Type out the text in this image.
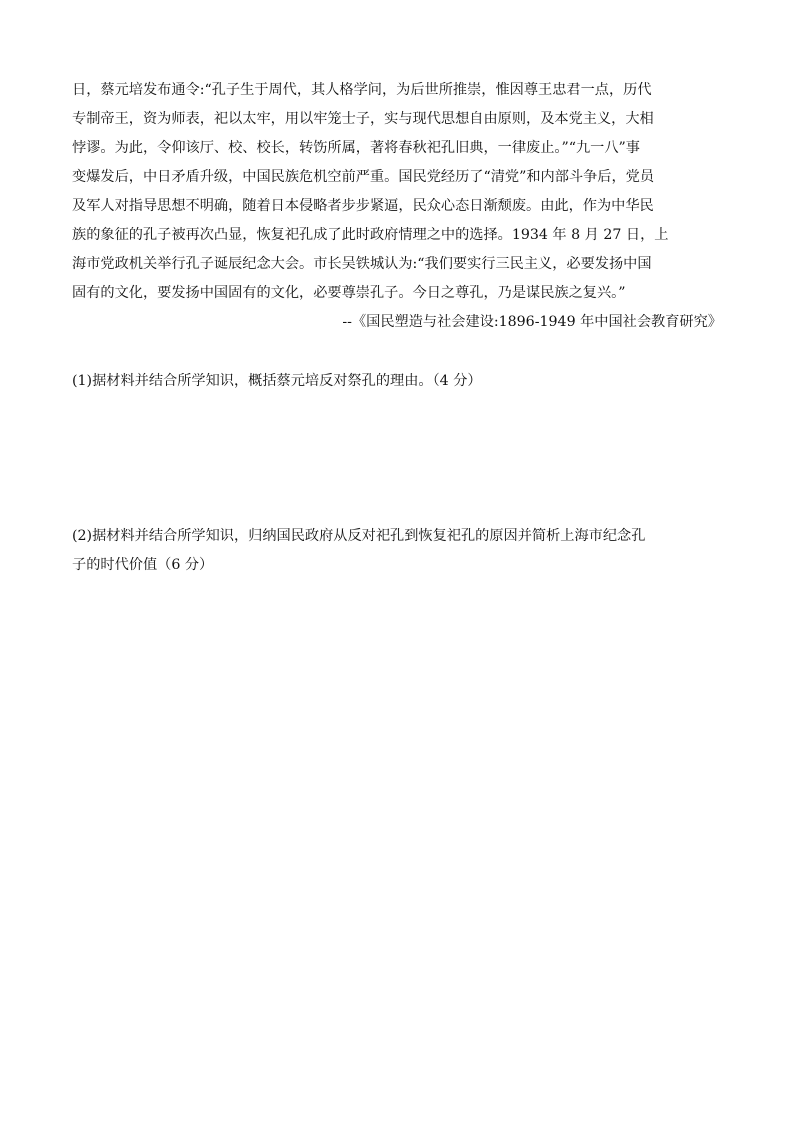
日，蔡元培发布通令:“孔子生于周代，其人格学问，为后世所推崇，惟因尊王忠君一点，历代
专制帝王，资为师表，祀以太牢，用以牢笼士子，实与现代思想自由原则，及本党主义，大相
悖谬。为此，令仰该厅、校、校长，转饬所属，著将春秋祀孔旧典，一律废止。”“九一八”事
变爆发后，中日矛盾升级，中国民族危机空前严重。国民党经历了“清党”和内部斗争后，党员
及军人对指导思想不明确，随着日本侵略者步步紧逼，民众心态日渐颓废。由此，作为中华民
族的象征的孔子被再次凸显，恢复祀孔成了此时政府情理之中的选择。1934 年 8 月 27 日，上
海市党政机关举行孔子诞辰纪念大会。市长吴铁城认为:“我们要实行三民主义，必要发扬中国
固有的文化，要发扬中国固有的文化，必要尊崇孔子。今日之尊孔，乃是谋民族之复兴。”
--《国民塑造与社会建设:1896-1949 年中国社会教育研究》
(1)据材料并结合所学知识，概括蔡元培反对祭孔的理由。（4 分）
(2)据材料并结合所学知识，归纳国民政府从反对祀孔到恢复祀孔的原因并简析上海市纪念孔
子的时代价值（6 分）
